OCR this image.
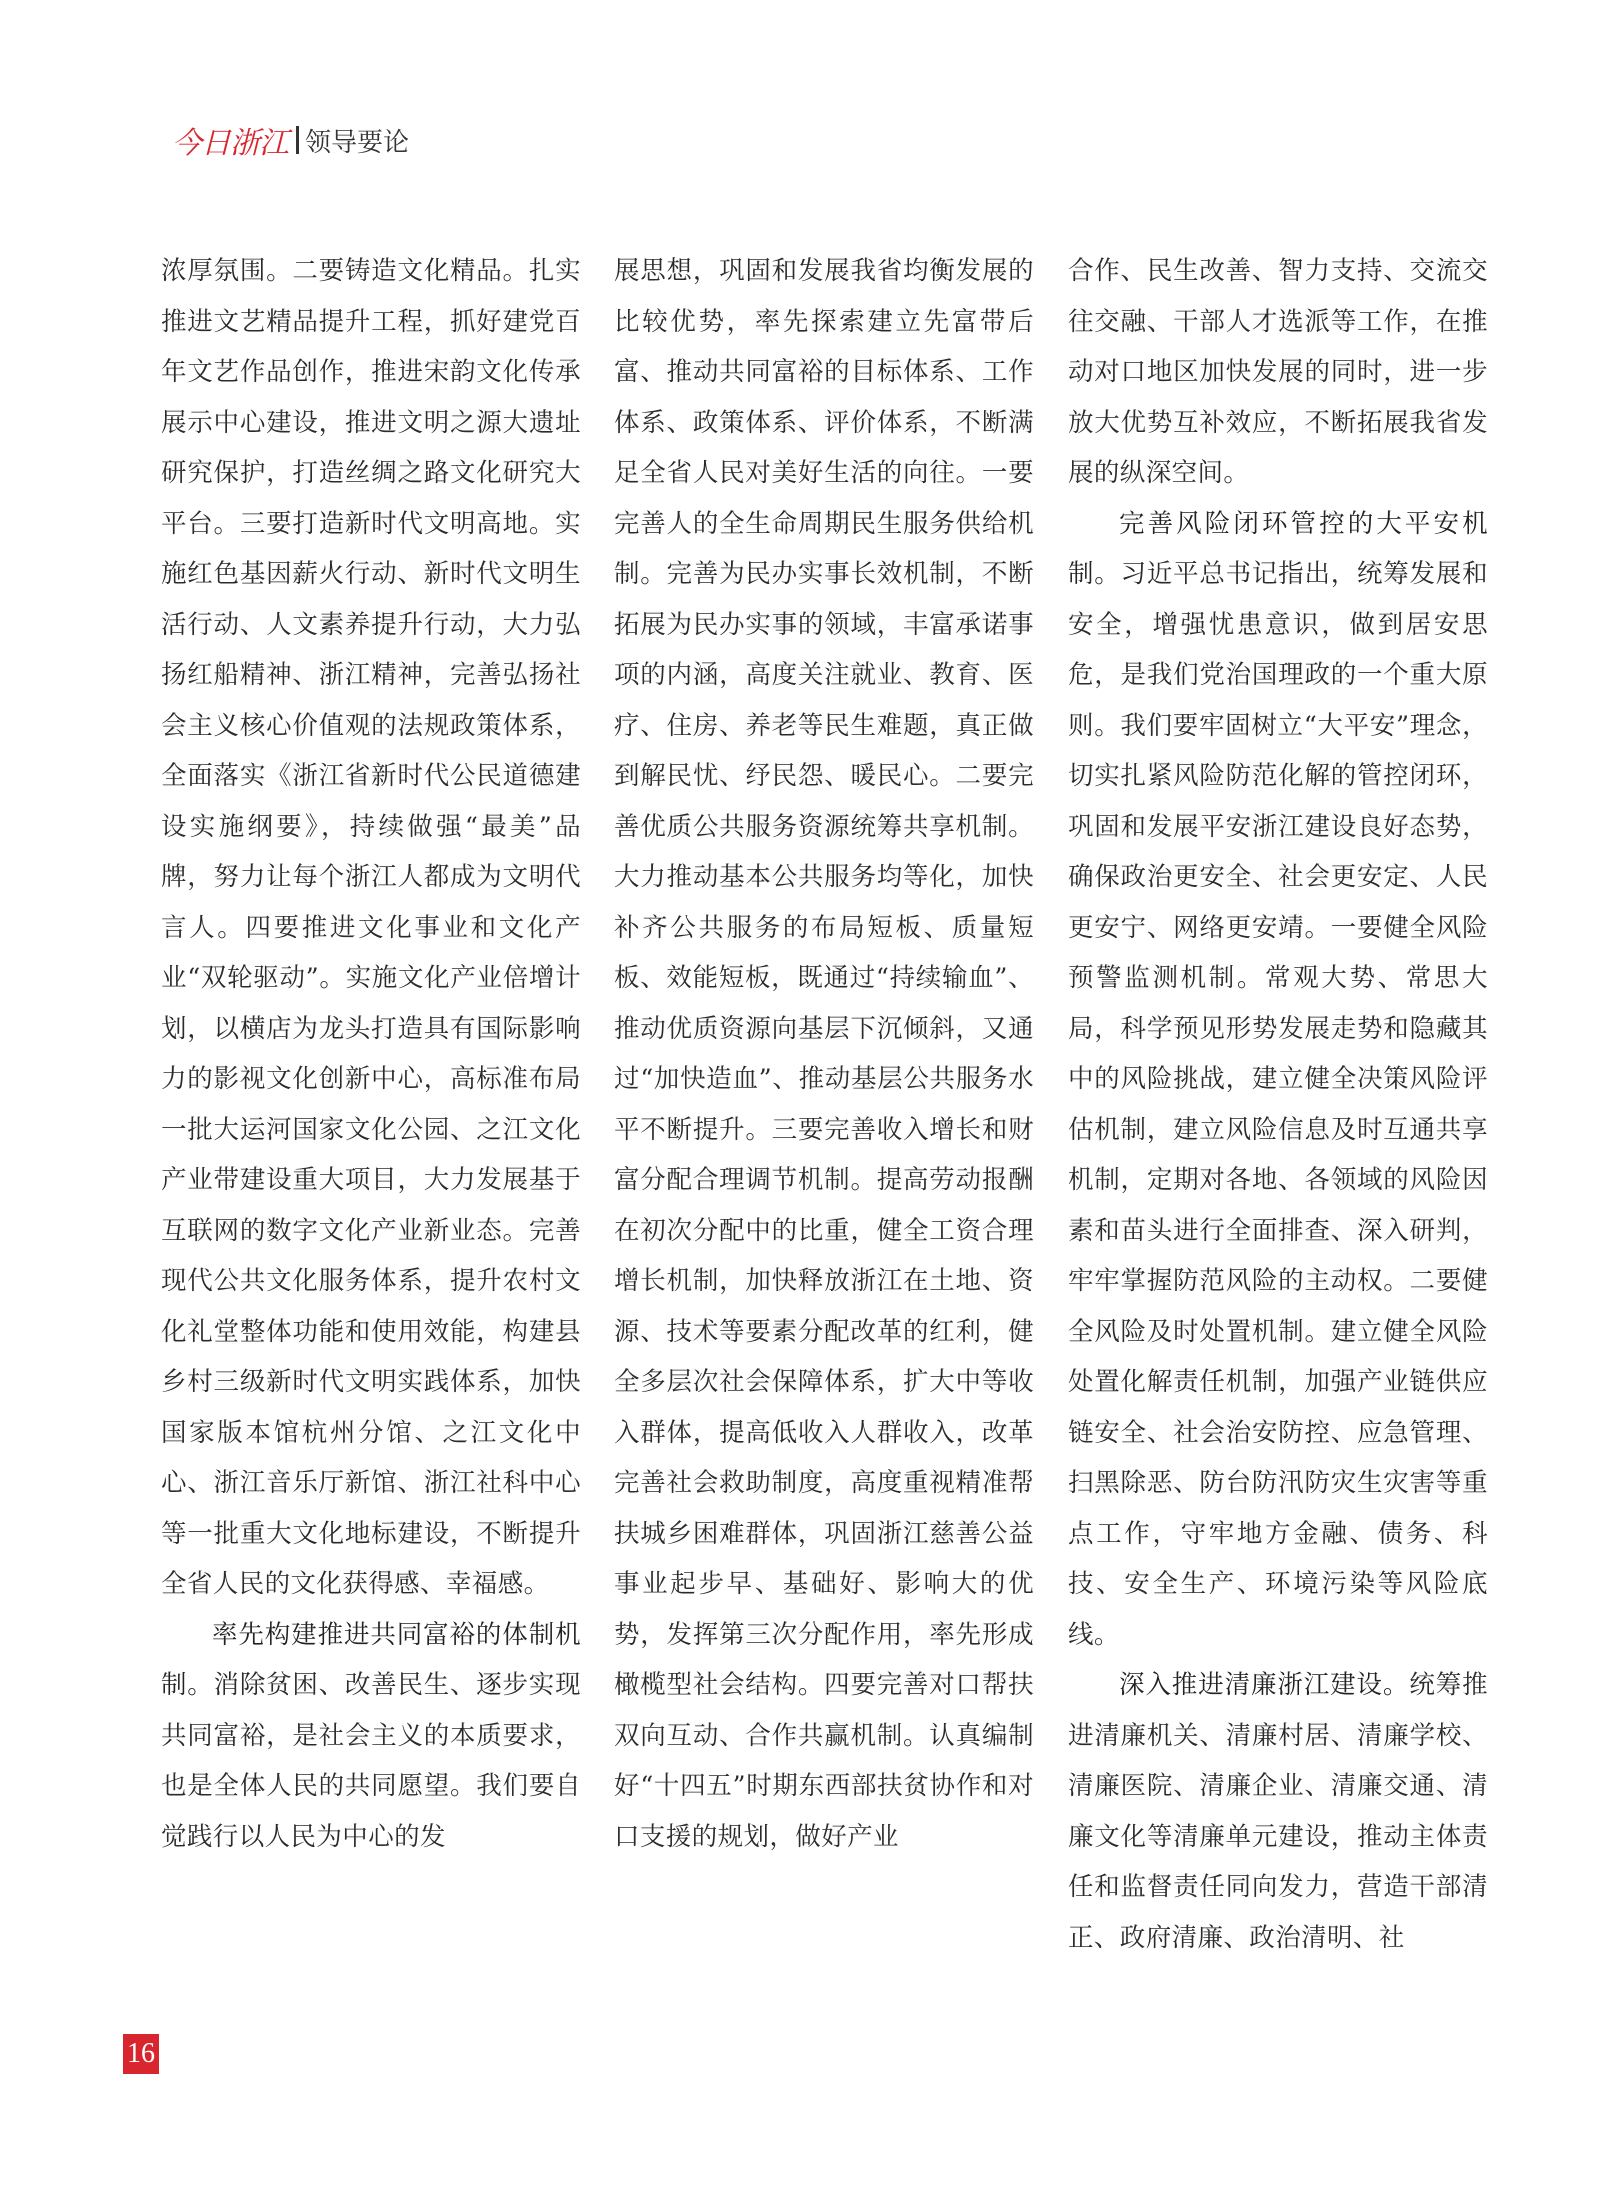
今日浙江 领导要论

浓厚氛围。二要铸造文化精品。扎实推进文艺精品提升工程，抓好建党百年文艺作品创作，推进宋韵文化传承展示中心建设，推进文明之源大遗址研究保护，打造丝绸之路文化研究大平台。三要打造新时代文明高地。实施红色基因薪火行动、新时代文明生活行动、人文素养提升行动，大力弘扬红船精神、浙江精神，完善弘扬社会主义核心价值观的法规政策体系，全面落实《浙江省新时代公民道德建设实施纲要》，持续做强“最美”品牌，努力让每个浙江人都成为文明代言人。四要推进文化事业和文化产业“双轮驱动”。实施文化产业倍增计划，以横店为龙头打造具有国际影响力的影视文化创新中心，高标准布局一批大运河国家文化公园、之江文化产业带建设重大项目，大力发展基于互联网的数字文化产业新业态。完善现代公共文化服务体系，提升农村文化礼堂整体功能和使用效能，构建县乡村三级新时代文明实践体系，加快国家版本馆杭州分馆、之江文化中心、浙江音乐厅新馆、浙江社科中心等一批重大文化地标建设，不断提升全省人民的文化获得感、幸福感。

率先构建推进共同富裕的体制机制。消除贫困、改善民生、逐步实现共同富裕，是社会主义的本质要求，也是全体人民的共同愿望。我们要自觉践行以人民为中心的发

展思想，巩固和发展我省均衡发展的比较优势，率先探索建立先富带后富、推动共同富裕的目标体系、工作体系、政策体系、评价体系，不断满足全省人民对美好生活的向往。一要完善人的全生命周期民生服务供给机制。完善为民办实事长效机制，不断拓展为民办实事的领域，丰富承诺事项的内涵，高度关注就业、教育、医疗、住房、养老等民生难题，真正做到解民忧、纾民怨、暖民心。二要完善优质公共服务资源统筹共享机制。大力推动基本公共服务均等化，加快补齐公共服务的布局短板、质量短板、效能短板，既通过“持续输血”、推动优质资源向基层下沉倾斜，又通过“加快造血”、推动基层公共服务水平不断提升。三要完善收入增长和财富分配合理调节机制。提高劳动报酬在初次分配中的比重，健全工资合理增长机制，加快释放浙江在土地、资源、技术等要素分配改革的红利，健全多层次社会保障体系，扩大中等收入群体，提高低收入人群收入，改革完善社会救助制度，高度重视精准帮扶城乡困难群体，巩固浙江慈善公益事业起步早、基础好、影响大的优势，发挥第三次分配作用，率先形成橄榄型社会结构。四要完善对口帮扶双向互动、合作共赢机制。认真编制好“十四五”时期东西部扶贫协作和对口支援的规划，做好产业

合作、民生改善、智力支持、交流交往交融、干部人才选派等工作，在推动对口地区加快发展的同时，进一步放大优势互补效应，不断拓展我省发展的纵深空间。

完善风险闭环管控的大平安机制。习近平总书记指出，统筹发展和安全，增强忧患意识，做到居安思危，是我们党治国理政的一个重大原则。我们要牢固树立“大平安”理念，切实扎紧风险防范化解的管控闭环，巩固和发展平安浙江建设良好态势，确保政治更安全、社会更安定、人民更安宁、网络更安靖。一要健全风险预警监测机制。常观大势、常思大局，科学预见形势发展走势和隐藏其中的风险挑战，建立健全决策风险评估机制，建立风险信息及时互通共享机制，定期对各地、各领域的风险因素和苗头进行全面排查、深入研判，牢牢掌握防范风险的主动权。二要健全风险及时处置机制。建立健全风险处置化解责任机制，加强产业链供应链安全、社会治安防控、应急管理、扫黑除恶、防台防汛防灾生灾害等重点工作，守牢地方金融、债务、科技、安全生产、环境污染等风险底线。

深入推进清廉浙江建设。统筹推进清廉机关、清廉村居、清廉学校、清廉医院、清廉企业、清廉交通、清廉文化等清廉单元建设，推动主体责任和监督责任同向发力，营造干部清正、政府清廉、政治清明、社

16
